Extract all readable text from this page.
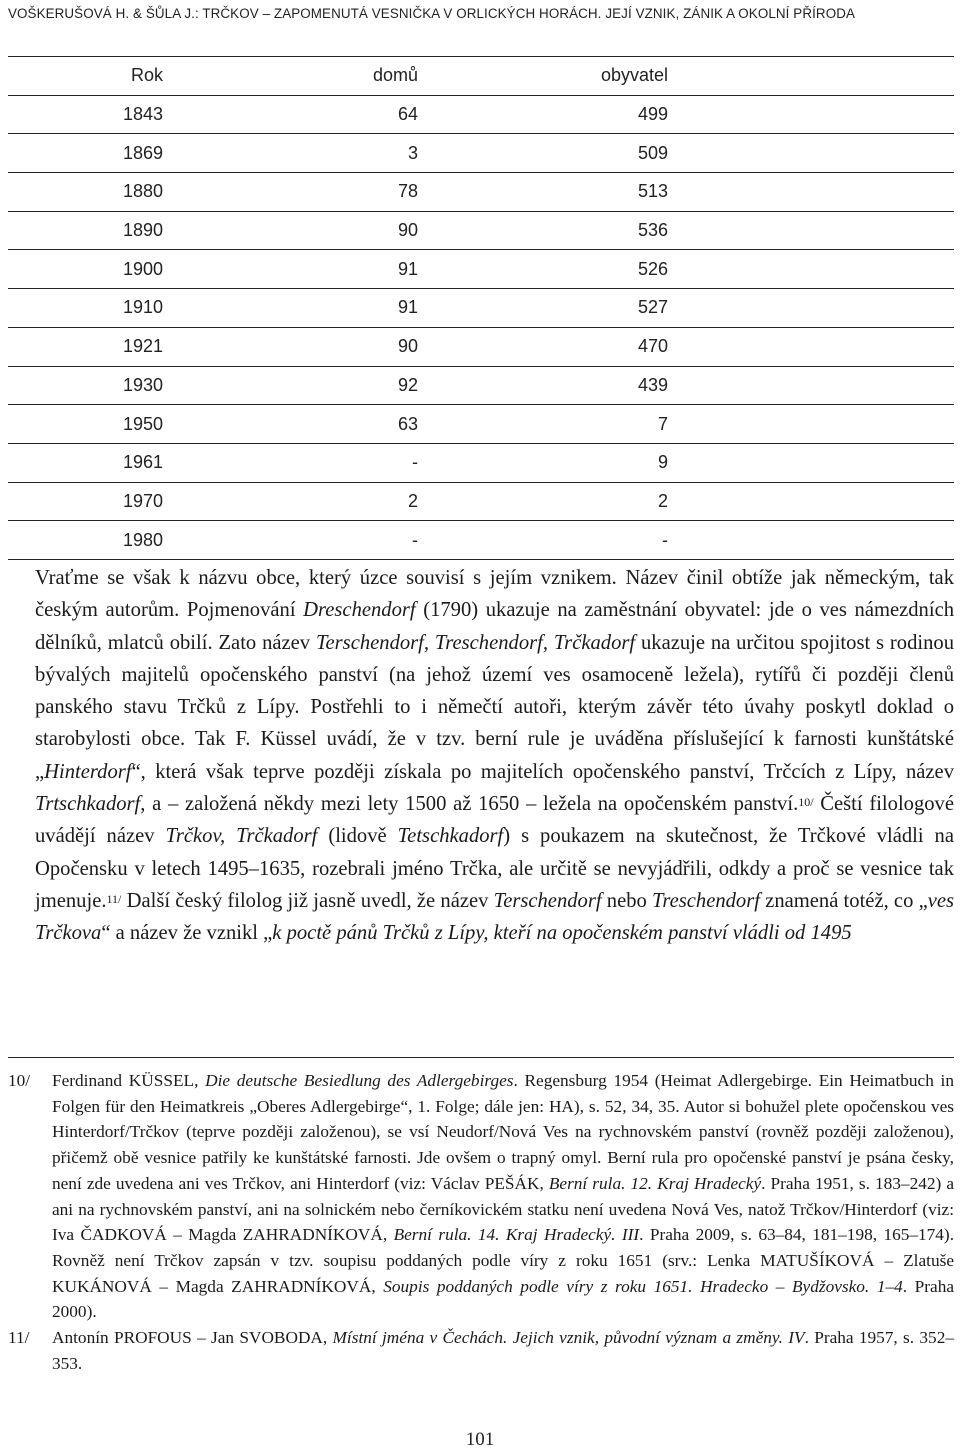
VOŠKERUŠOVÁ H. & ŠŮLA J.: TRČKOV – ZAPOMENUTÁ VESNIČKA V ORLICKÝCH HORÁCH. JEJÍ VZNIK, ZÁNIK A OKOLNÍ PŘÍRODA
Rok	domů	obyvatel
1843	64	499
1869	3	509
1880	78	513
1890	90	536
1900	91	526
1910	91	527
1921	90	470
1930	92	439
1950	63	7
1961	-	9
1970	2	2
1980	-	-

Vraťme se však k názvu obce, který úzce souvisí s jejím vznikem. Název činil obtíže jak německým, tak českým autorům. Pojmenování Dreschendorf (1790) ukazuje na zaměstnání obyvatel: jde o ves námezdních dělníků, mlatců obilí. Zato název Terschendorf, Treschendorf, Trčkadorf ukazuje na určitou spojitost s rodinou bývalých majitelů opočenského panství (na jehož území ves osamoceně ležela), rytířů či později členů panského stavu Trčků z Lípy. Postřehli to i němečtí autoři, kterým závěr této úvahy poskytl doklad o starobylosti obce. Tak F. Küssel uvádí, že v tzv. berní rule je uváděna příslušející k farnosti kunštátské „Hinterdorf“, která však teprve později získala po majitelích opočenského panství, Trčcích z Lípy, název Trtschkadorf, a – založená někdy mezi lety 1500 až 1650 – ležela na opočenském panství.$^{10/}$ Čeští filologové uvádějí název Trčkov, Trčkadorf (lidově Tetschkadorf) s poukazem na skutečnost, že Trčkové vládli na Opočensku v letech 1495–1635, rozebrali jméno Trčka, ale určitě se nevyjádřili, odkdy a proč se vesnice tak jmenuje.$^{11/}$ Další český filolog již jasně uvedl, že název Terschendorf nebo Treschendorf znamená totéž, co „ves Trčkova“ a název že vznikl „k poctě pánů Trčků z Lípy, kteří na opočenském panství vládli od 1495

10/	Ferdinand KÜSSEL, Die deutsche Besiedlung des Adlergebirges. Regensburg 1954 (Heimat Adlergebirge. Ein Heimatbuch in Folgen für den Heimatkreis „Oberes Adlergebirge“, 1. Folge; dále jen: HA), s. 52, 34, 35. Autor si bohužel plete opočenskou ves Hinterdorf/Trčkov (teprve později založenou), se vsí Neudorf/Nová Ves na rychnovském panství (rovněž později založenou), přičemž obě vesnice patřily ke kunštátské farnosti. Jde ovšem o trapný omyl. Berní rula pro opočenské panství je psána česky, není zde uvedena ani ves Trčkov, ani Hinterdorf (viz: Václav PEŠÁK, Berní rula. 12. Kraj Hradecký. Praha 1951, s. 183–242) a ani na rychnovském panství, ani na solnickém nebo černíkovickém statku není uvedena Nová Ves, natož Trčkov/Hinterdorf (viz: Iva ČADKOVÁ – Magda ZAHRADNÍKOVÁ, Berní rula. 14. Kraj Hradecký. III. Praha 2009, s. 63–84, 181–198, 165–174). Rovněž není Trčkov zapsán v tzv. soupisu poddaných podle víry z roku 1651 (srv.: Lenka MATUŠÍKOVÁ – Zlatuše KUKÁNOVÁ – Magda ZAHRADNÍKOVÁ, Soupis poddaných podle víry z roku 1651. Hradecko – Bydžovsko. 1–4. Praha 2000).
11/	Antonín PROFOUS – Jan SVOBODA, Místní jména v Čechách. Jejich vznik, původní význam a změny. IV. Praha 1957, s. 352–353.
101
